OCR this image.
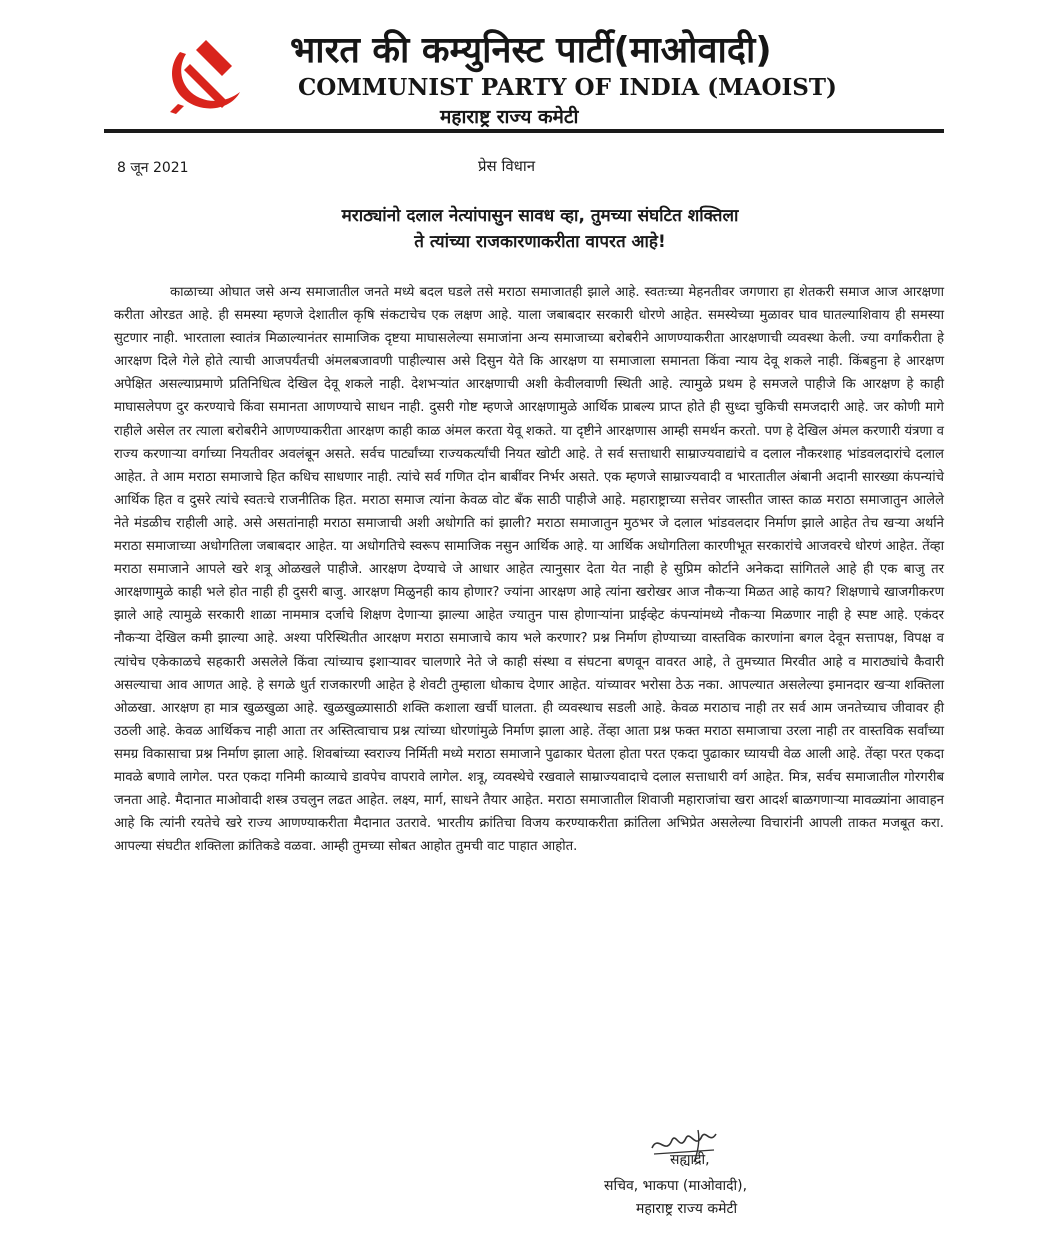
भारत की कम्युनिस्ट पार्टी(माओवादी)
COMMUNIST PARTY OF INDIA (MAOIST)
महाराष्ट्र राज्य कमेटी
8 जून 2021	प्रेस विधान
मराठ्यांनो दलाल नेत्यांपासुन सावध व्हा, तुमच्या संघटित शक्तिला
ते त्यांच्या राजकारणाकरीता वापरत आहे!

काळाच्या ओघात जसे अन्य समाजातील जनते मध्ये बदल घडले तसे मराठा समाजातही झाले आहे. स्वतःच्या मेहनतीवर जगणारा हा शेतकरी समाज आज आरक्षणा करीता ओरडत आहे. ही समस्या म्हणजे देशातील कृषि संकटाचेच एक लक्षण आहे. याला जबाबदार सरकारी धोरणे आहेत. समस्येच्या मुळावर घाव घातल्याशिवाय ही समस्या सुटणार नाही. भारताला स्वातंत्र मिळाल्यानंतर सामाजिक दृष्टया माघासलेल्या समाजांना अन्य समाजाच्या बरोबरीने आणण्याकरीता आरक्षणाची व्यवस्था केली. ज्या वर्गांकरीता हे आरक्षण दिले गेले होते त्याची आजपर्यंतची अंमलबजावणी पाहील्यास असे दिसुन येते कि आरक्षण या समाजाला समानता किंवा न्याय देवू शकले नाही. किंबहुना हे आरक्षण अपेक्षित असल्याप्रमाणे प्रतिनिधित्व देखिल देवू शकले नाही. देशभऱ्यांत आरक्षणाची अशी केवीलवाणी स्थिती आहे. त्यामुळे प्रथम हे समजले पाहीजे कि आरक्षण हे काही माघासलेपण दुर करण्याचे किंवा समानता आणण्याचे साधन नाही. दुसरी गोष्ट म्हणजे आरक्षणामुळे आर्थिक प्राबल्य प्राप्त होते ही सुध्दा चुकिची समजदारी आहे. जर कोणी मागे राहीले असेल तर त्याला बरोबरीने आणण्याकरीता आरक्षण काही काळ अंमल करता येवू शकते. या दृष्टीने आरक्षणास आम्ही समर्थन करतो. पण हे देखिल अंमल करणारी यंत्रणा व राज्य करणाऱ्या वर्गाच्या नियतीवर अवलंबून असते. सर्वच पार्ट्यांच्या राज्यकर्त्यांची नियत खोटी आहे. ते सर्व सत्ताधारी साम्राज्यवाद्यांचे व दलाल नौकरशाह भांडवलदारांचे दलाल आहेत. ते आम मराठा समाजाचे हित कधिच साधणार नाही. त्यांचे सर्व गणित दोन बाबींवर निर्भर असते. एक म्हणजे साम्राज्यवादी व भारतातील अंबानी अदानी सारख्या कंपन्यांचे आर्थिक हित व दुसरे त्यांचे स्वतःचे राजनीतिक हित. मराठा समाज त्यांना केवळ वोट बँक साठी पाहीजे आहे. महाराष्ट्राच्या सत्तेवर जास्तीत जास्त काळ मराठा समाजातुन आलेले नेते मंडळीच राहीली आहे. असे असतांनाही मराठा समाजाची अशी अधोगति कां झाली? मराठा समाजातुन मुठभर जे दलाल भांडवलदार निर्माण झाले आहेत तेच खऱ्या अर्थाने मराठा समाजाच्या अधोगतिला जबाबदार आहेत. या अधोगतिचे स्वरूप सामाजिक नसुन आर्थिक आहे. या आर्थिक अधोगतिला कारणीभूत सरकारांचे आजवरचे धोरणं आहेत. तेंव्हा मराठा समाजाने आपले खरे शत्रू ओळखले पाहीजे. आरक्षण देण्याचे जे आधार आहेत त्यानुसार देता येत नाही हे सुप्रिम कोर्टाने अनेकदा सांगितले आहे ही एक बाजु तर आरक्षणामुळे काही भले होत नाही ही दुसरी बाजु. आरक्षण मिळुनही काय होणार? ज्यांना आरक्षण आहे त्यांना खरोखर आज नौकऱ्या मिळत आहे काय? शिक्षणाचे खाजगीकरण झाले आहे त्यामुळे सरकारी शाळा नाममात्र दर्जाचे शिक्षण देणाऱ्या झाल्या आहेत ज्यातुन पास होणाऱ्यांना प्राईव्हेट कंपन्यांमध्ये नौकऱ्या मिळणार नाही हे स्पष्ट आहे. एकंदर नौकऱ्या देखिल कमी झाल्या आहे. अश्या परिस्थितीत आरक्षण मराठा समाजाचे काय भले करणार? प्रश्न निर्माण होण्याच्या वास्तविक कारणांना बगल देवून सत्तापक्ष, विपक्ष व त्यांचेच एकेकाळचे सहकारी असलेले किंवा त्यांच्याच इशाऱ्यावर चालणारे नेते जे काही संस्था व संघटना बणवून वावरत आहे, ते तुमच्यात मिरवीत आहे व माराठ्यांचे कैवारी असल्याचा आव आणत आहे. हे सगळे धुर्त राजकारणी आहेत हे शेवटी तुम्हाला धोकाच देणार आहेत. यांच्यावर भरोसा ठेऊ नका. आपल्यात असलेल्या इमानदार खऱ्या शक्तिला ओळखा. आरक्षण हा मात्र खुळखुळा आहे. खुळखुळ्यासाठी शक्ति कशाला खर्ची घालता. ही व्यवस्थाच सडली आहे. केवळ मराठाच नाही तर सर्व आम जनतेच्याच जीवावर ही उठली आहे. केवळ आर्थिकच नाही आता तर अस्तित्वाचाच प्रश्न त्यांच्या धोरणांमुळे निर्माण झाला आहे. तेंव्हा आता प्रश्न फक्त मराठा समाजाचा उरला नाही तर वास्तविक सर्वांच्या समग्र विकासाचा प्रश्न निर्माण झाला आहे. शिवबांच्या स्वराज्य निर्मिती मध्ये मराठा समाजाने पुढाकार घेतला होता परत एकदा पुढाकार घ्यायची वेळ आली आहे. तेंव्हा परत एकदा मावळे बणावे लागेल. परत एकदा गनिमी काव्याचे डावपेच वापरावे लागेल. शत्रू, व्यवस्थेचे रखवाले साम्राज्यवादाचे दलाल सत्ताधारी वर्ग आहेत. मित्र, सर्वच समाजातील गोरगरीब जनता आहे. मैदानात माओवादी शस्त्र उचलुन लढत आहेत. लक्ष्य, मार्ग, साधने तैयार आहेत. मराठा समाजातील शिवाजी महाराजांचा खरा आदर्श बाळगणाऱ्या मावळ्यांना आवाहन आहे कि त्यांनी रयतेचे खरे राज्य आणण्याकरीता मैदानात उतरावे. भारतीय क्रांतिचा विजय करण्याकरीता क्रांतिला अभिप्रेत असलेल्या विचारांनी आपली ताकत मजबूत करा. आपल्या संघटीत शक्तिला क्रांतिकडे वळवा. आम्ही तुमच्या सोबत आहोत तुमची वाट पाहात आहोत.

सह्याद्री,
सचिव, भाकपा (माओवादी),
महाराष्ट्र राज्य कमेटी
